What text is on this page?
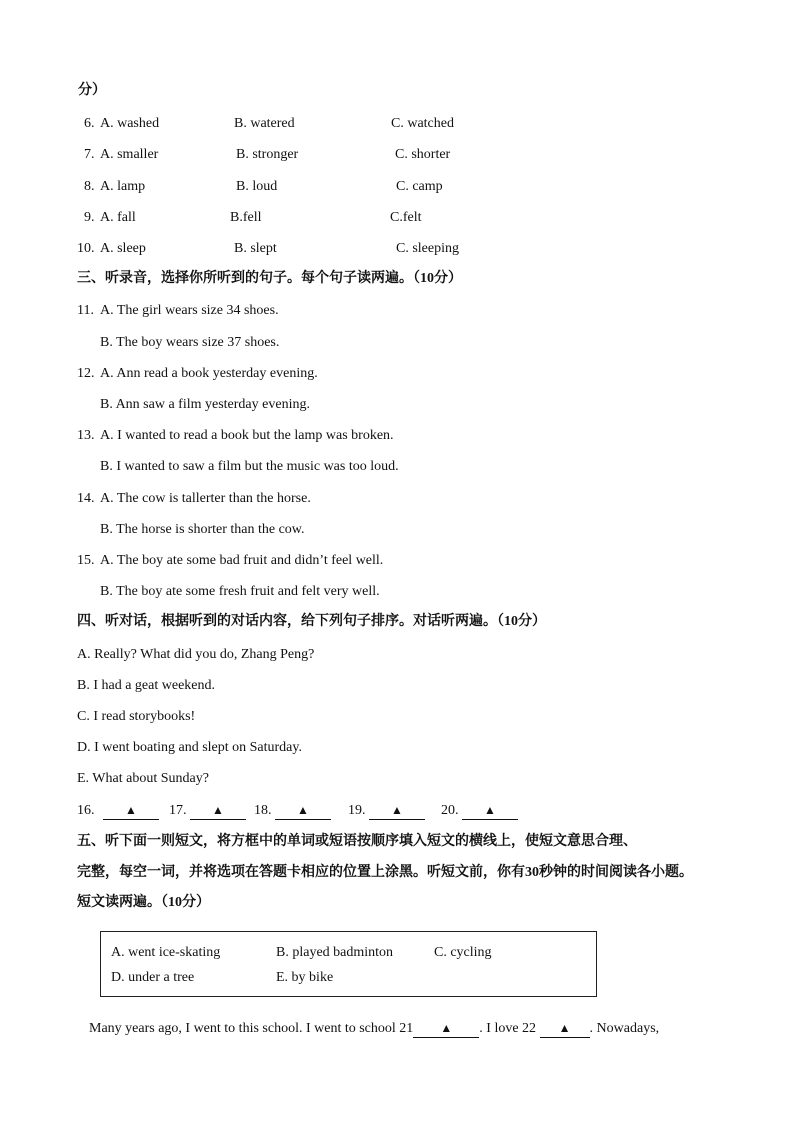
分）
6. A. washed	B. watered	C. watched
7. A. smaller	B. stronger	C. shorter
8. A. lamp	B. loud	C. camp
9. A. fall	B.fell	C.felt
10. A. sleep	B. slept	C. sleeping
三、听录音，选择你所听到的句子。每个句子读两遍。（10分）
11. A. The girl wears size 34 shoes.
B. The boy wears size 37 shoes.
12. A. Ann read a book yesterday evening.
B. Ann saw a film yesterday evening.
13. A. I wanted to read a book but the lamp was broken.
B. I wanted to saw a film but the music was too loud.
14. A. The cow is tallerter than the horse.
B. The horse is shorter than the cow.
15. A. The boy ate some bad fruit and didn’t feel well.
B. The boy ate some fresh fruit and felt very well.
四、听对话，根据听到的对话内容，给下列句子排序。对话听两遍。（10分）
A. Really? What did you do, Zhang Peng?
B. I had a geat weekend.
C. I read storybooks!
D. I went boating and slept on Saturday.
E. What about Sunday?
16.	▲	17.	▲	18.	▲	19.	▲	20.	▲
五、听下面一则短文，将方框中的单词或短语按顺序填入短文的横线上，使短文意思合理、
完整，每空一词，并将选项在答题卡相应的位置上涂黑。听短文前，你有30秒钟的时间阅读各小题。
短文读两遍。（10分）
A. went ice-skating	B. played badminton	C. cycling
D. under a tree	E. by bike
Many years ago, I went to this school. I went to school 21 ▲ . I love 22 ▲ . Nowadays,
